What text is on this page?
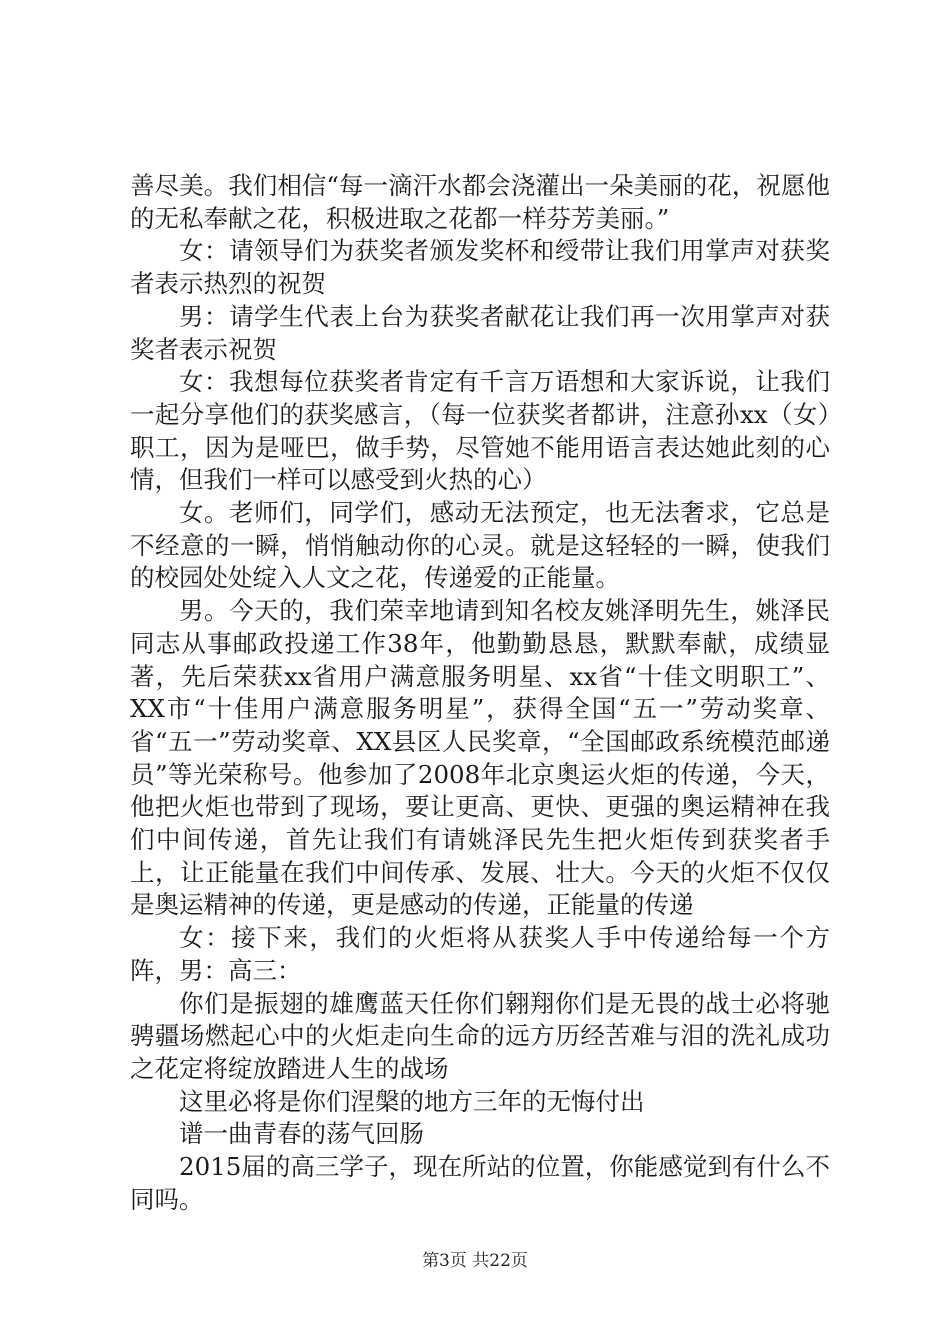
善尽美。我们相信“每一滴汗水都会浇灌出一朵美丽的花，祝愿他的无私奉献之花，积极进取之花都一样芬芳美丽。”

女：请领导们为获奖者颁发奖杯和绶带让我们用掌声对获奖者表示热烈的祝贺

男：请学生代表上台为获奖者献花让我们再一次用掌声对获奖者表示祝贺

女：我想每位获奖者肯定有千言万语想和大家诉说，让我们一起分享他们的获奖感言，（每一位获奖者都讲，注意孙xx（女）职工，因为是哑巴，做手势，尽管她不能用语言表达她此刻的心情，但我们一样可以感受到火热的心）

女。老师们，同学们，感动无法预定，也无法奢求，它总是不经意的一瞬，悄悄触动你的心灵。就是这轻轻的一瞬，使我们的校园处处绽入人文之花，传递爱的正能量。

男。今天的，我们荣幸地请到知名校友姚泽明先生，姚泽民同志从事邮政投递工作38年，他勤勤恳恳，默默奉献，成绩显著，先后荣获xx省用户满意服务明星、xx省“十佳文明职工”、XX市“十佳用户满意服务明星”，获得全国“五一”劳动奖章、省“五一”劳动奖章、XX县区人民奖章，“全国邮政系统模范邮递员”等光荣称号。他参加了2008年北京奥运火炬的传递，今天，他把火炬也带到了现场，要让更高、更快、更强的奥运精神在我们中间传递，首先让我们有请姚泽民先生把火炬传到获奖者手上，让正能量在我们中间传承、发展、壮大。今天的火炬不仅仅是奥运精神的传递，更是感动的传递，正能量的传递

女：接下来，我们的火炬将从获奖人手中传递给每一个方阵，男：高三：

你们是振翅的雄鹰蓝天任你们翱翔你们是无畏的战士必将驰骋疆场燃起心中的火炬走向生命的远方历经苦难与泪的洗礼成功之花定将绽放踏进人生的战场

这里必将是你们涅槃的地方三年的无悔付出

谱一曲青春的荡气回肠

2015届的高三学子，现在所站的位置，你能感觉到有什么不同吗。

第3页 共22页
